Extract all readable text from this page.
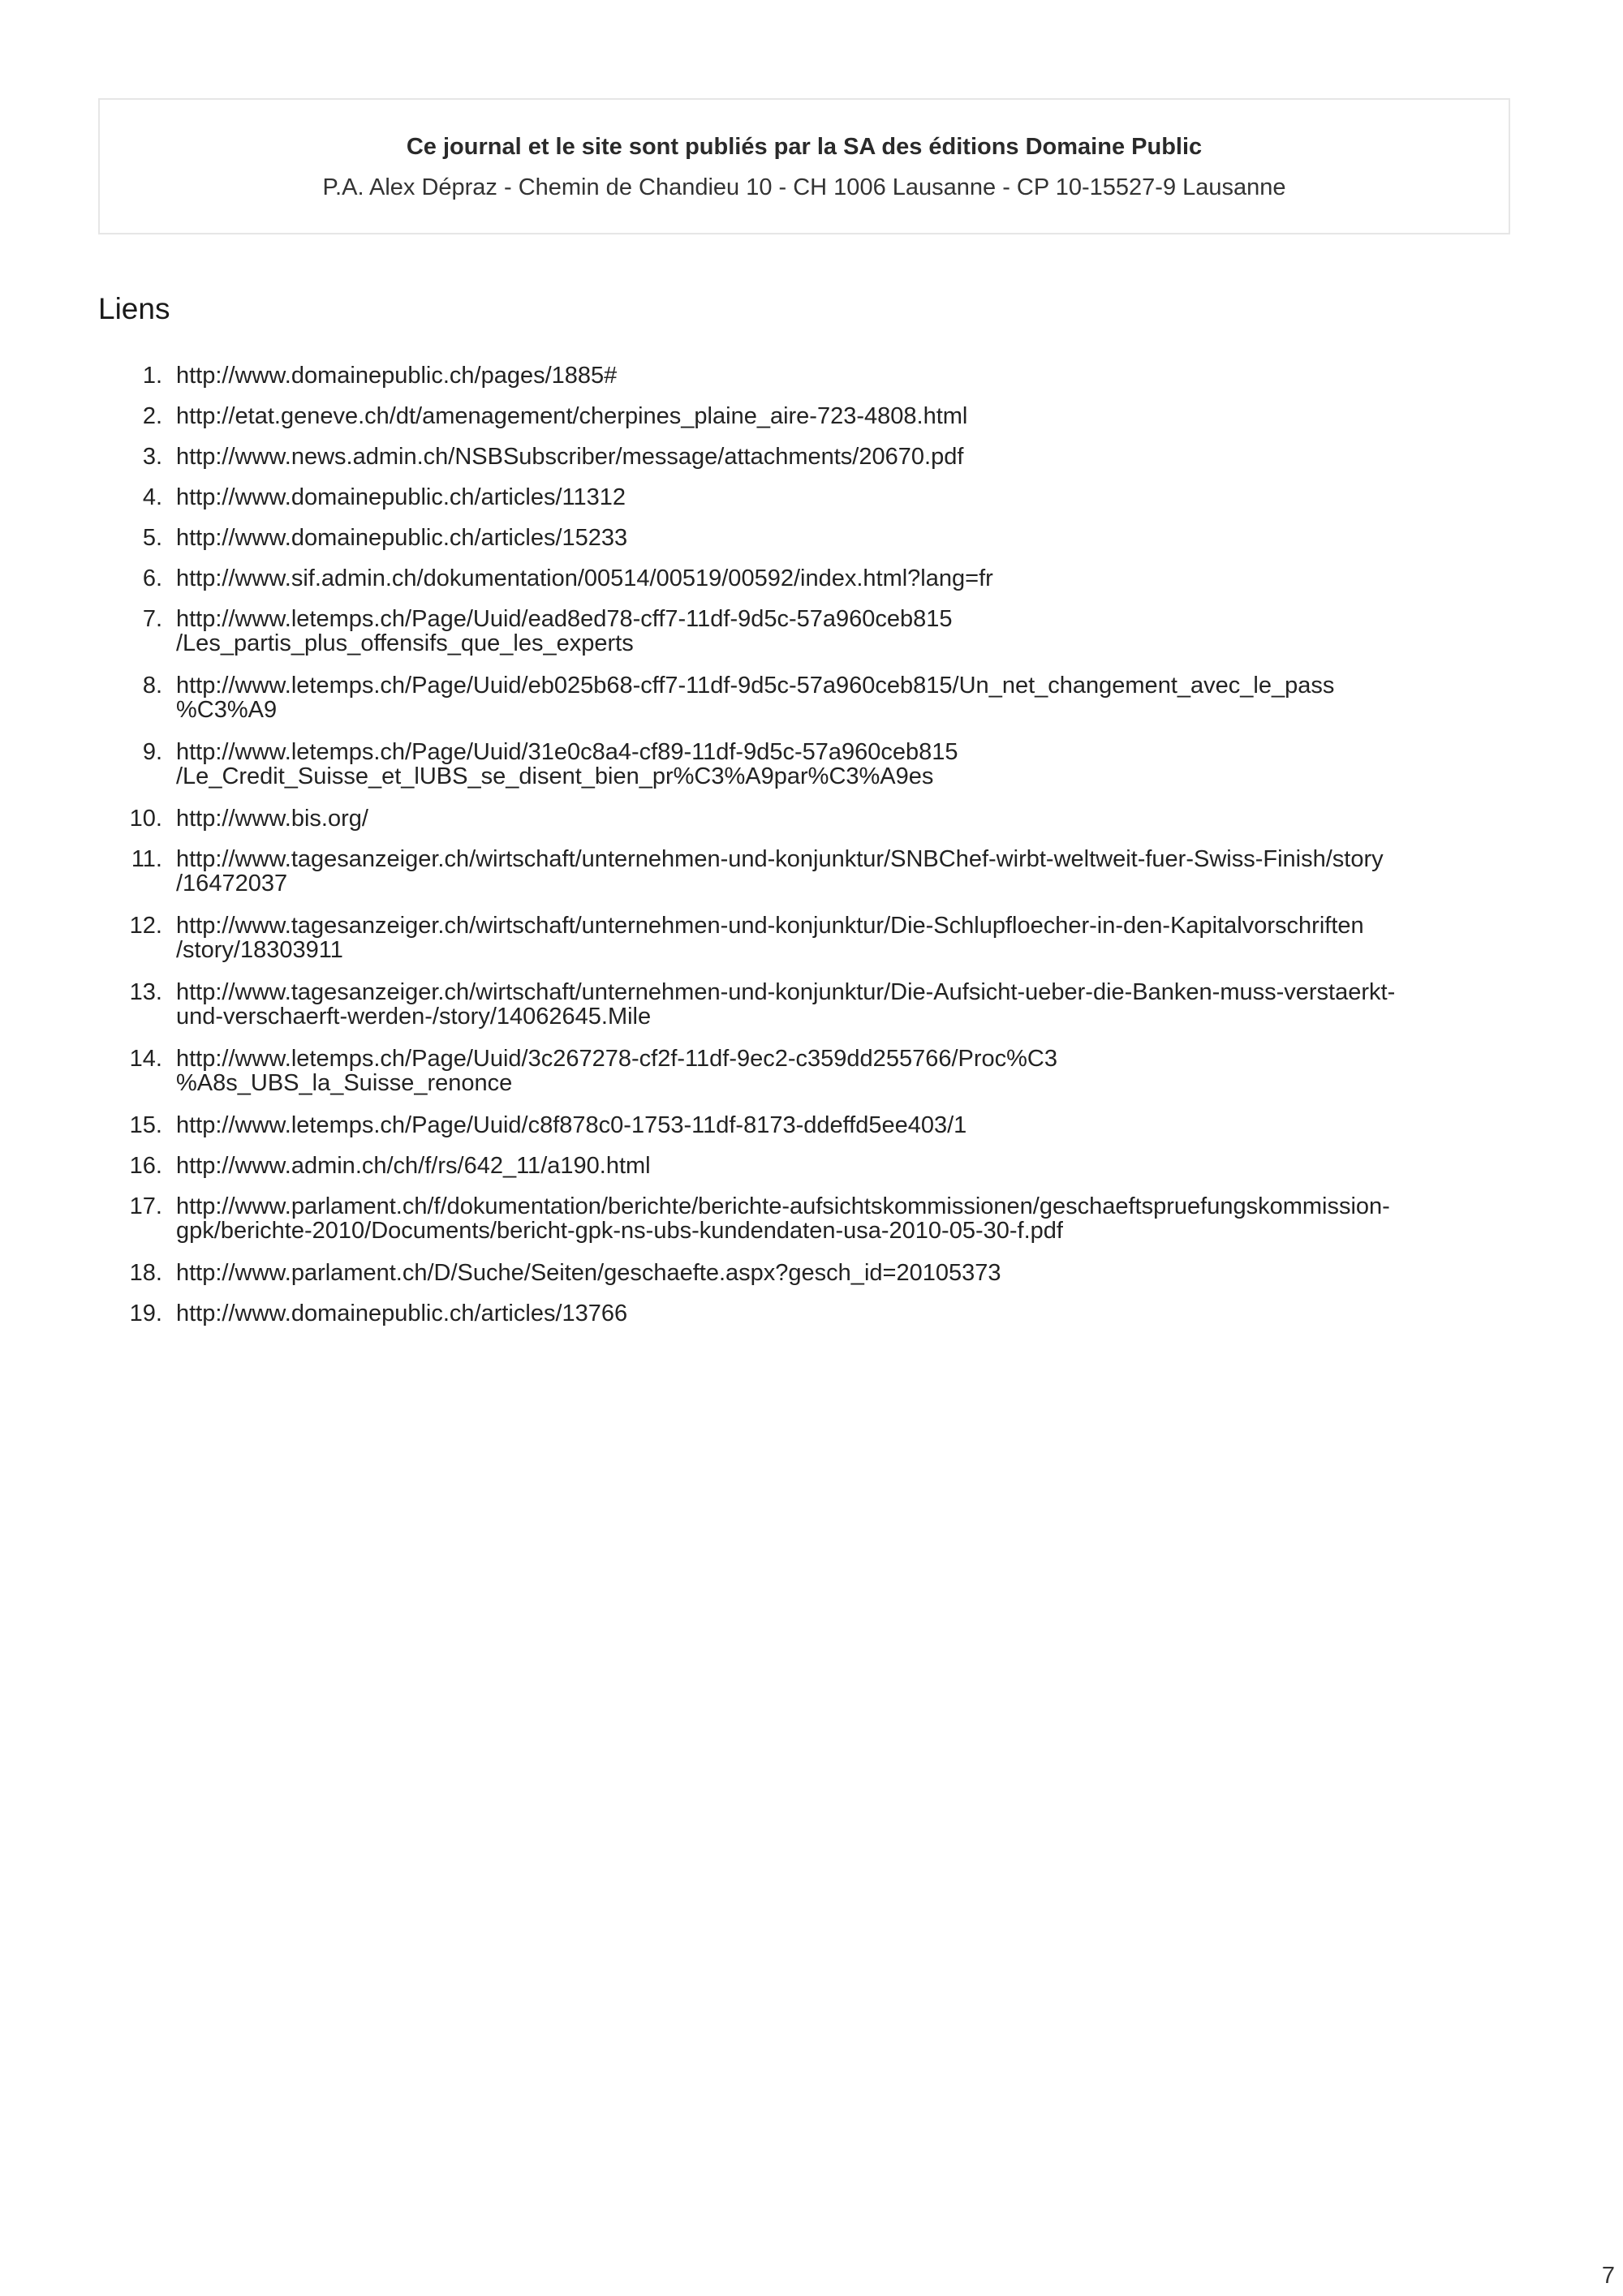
Ce journal et le site sont publiés par la SA des éditions Domaine Public
P.A. Alex Dépraz - Chemin de Chandieu 10 - CH 1006 Lausanne - CP 10-15527-9 Lausanne
Liens
1. http://www.domainepublic.ch/pages/1885#
2. http://etat.geneve.ch/dt/amenagement/cherpines_plaine_aire-723-4808.html
3. http://www.news.admin.ch/NSBSubscriber/message/attachments/20670.pdf
4. http://www.domainepublic.ch/articles/11312
5. http://www.domainepublic.ch/articles/15233
6. http://www.sif.admin.ch/dokumentation/00514/00519/00592/index.html?lang=fr
7. http://www.letemps.ch/Page/Uuid/ead8ed78-cff7-11df-9d5c-57a960ceb815
/Les_partis_plus_offensifs_que_les_experts
8. http://www.letemps.ch/Page/Uuid/eb025b68-cff7-11df-9d5c-57a960ceb815/Un_net_changement_avec_le_pass
%C3%A9
9. http://www.letemps.ch/Page/Uuid/31e0c8a4-cf89-11df-9d5c-57a960ceb815
/Le_Credit_Suisse_et_lUBS_se_disent_bien_pr%C3%A9par%C3%A9es
10. http://www.bis.org/
11. http://www.tagesanzeiger.ch/wirtschaft/unternehmen-und-konjunktur/SNBChef-wirbt-weltweit-fuer-Swiss-Finish/story
/16472037
12. http://www.tagesanzeiger.ch/wirtschaft/unternehmen-und-konjunktur/Die-Schlupfloecher-in-den-Kapitalvorschriften
/story/18303911
13. http://www.tagesanzeiger.ch/wirtschaft/unternehmen-und-konjunktur/Die-Aufsicht-ueber-die-Banken-muss-verstaerkt-
und-verschaerft-werden-/story/14062645.Mile
14. http://www.letemps.ch/Page/Uuid/3c267278-cf2f-11df-9ec2-c359dd255766/Proc%C3
%A8s_UBS_la_Suisse_renonce
15. http://www.letemps.ch/Page/Uuid/c8f878c0-1753-11df-8173-ddeffd5ee403/1
16. http://www.admin.ch/ch/f/rs/642_11/a190.html
17. http://www.parlament.ch/f/dokumentation/berichte/berichte-aufsichtskommissionen/geschaeftspruefungskommission-
gpk/berichte-2010/Documents/bericht-gpk-ns-ubs-kundendaten-usa-2010-05-30-f.pdf
18. http://www.parlament.ch/D/Suche/Seiten/geschaefte.aspx?gesch_id=20105373
19. http://www.domainepublic.ch/articles/13766
7
